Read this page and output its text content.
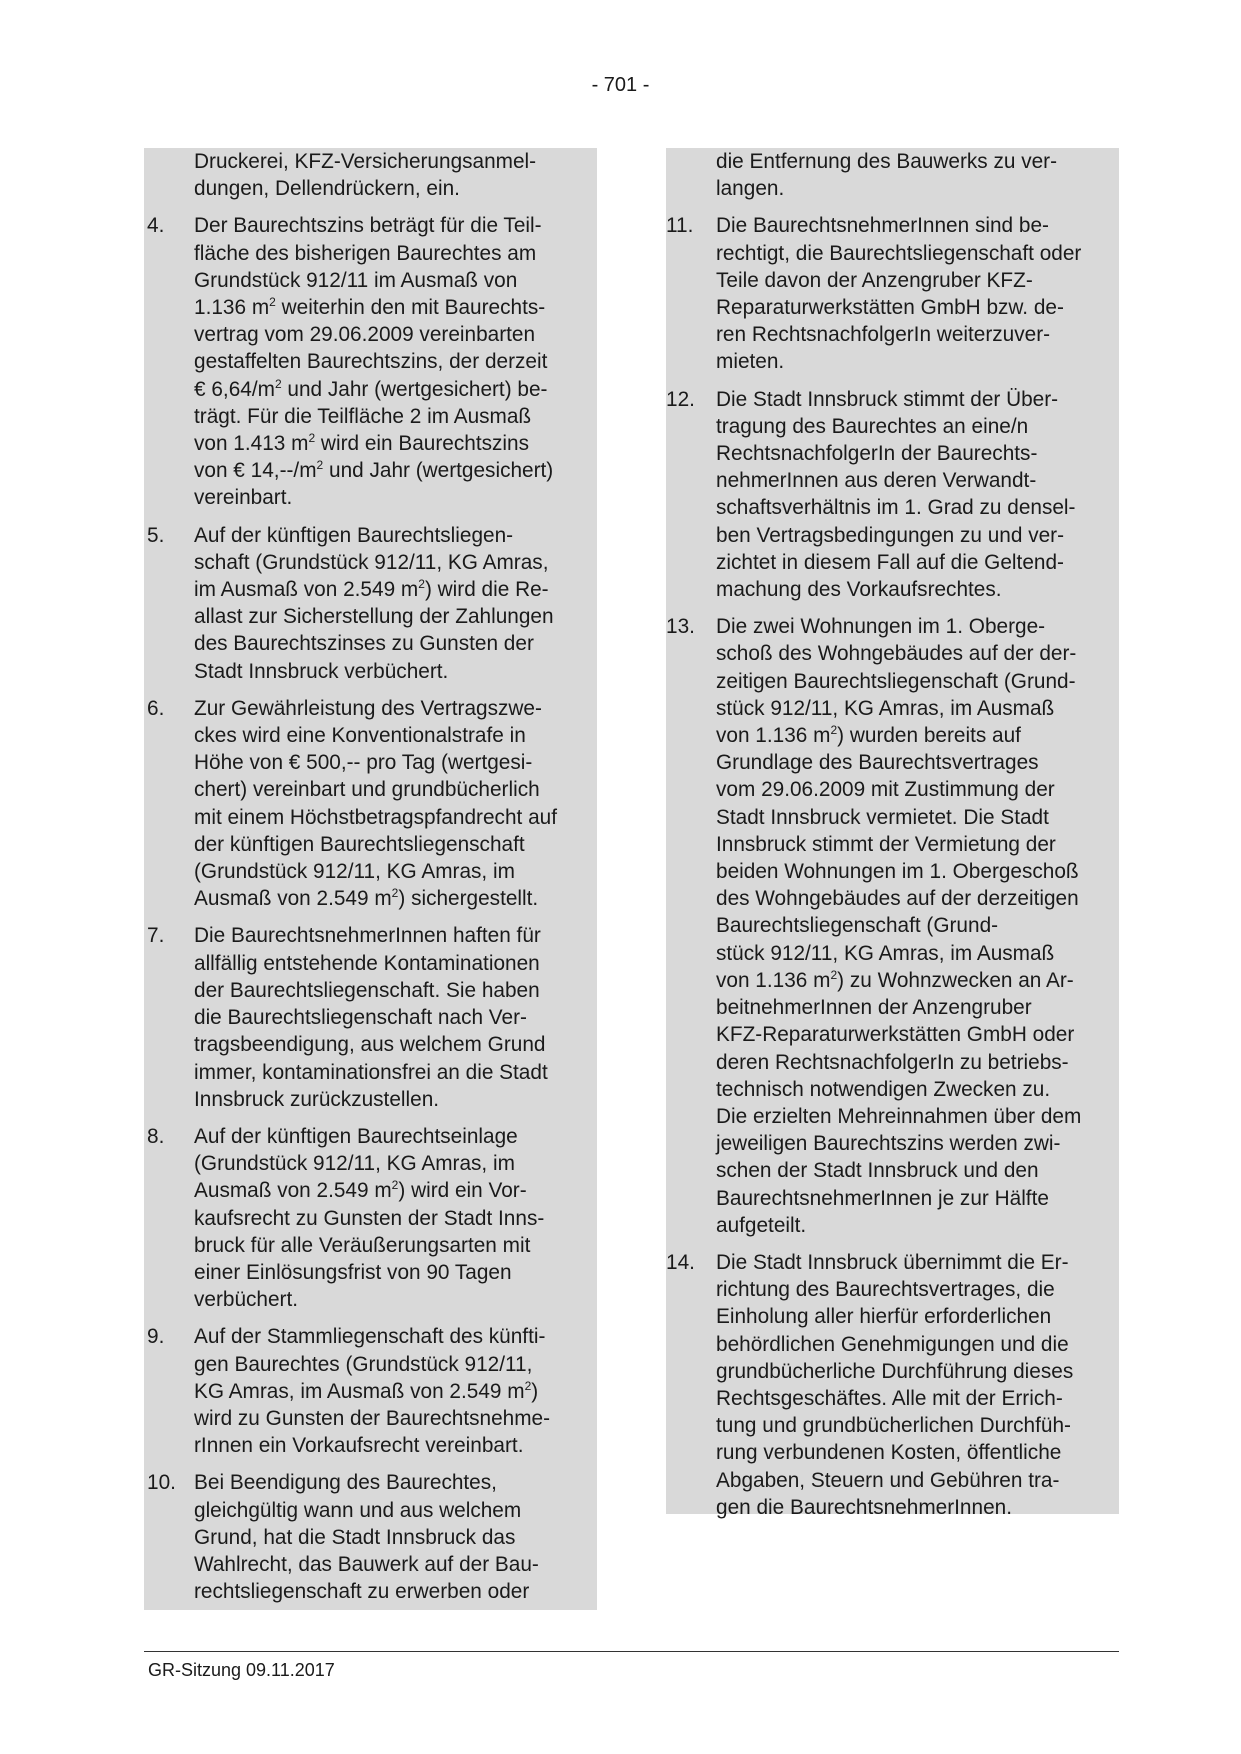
- 701 -
Druckerei, KFZ-Versicherungsanmel-
dungen, Dellendrückern, ein.
4. Der Baurechtszins beträgt für die Teil-
fläche des bisherigen Baurechtes am
Grundstück 912/11 im Ausmaß von
1.136 $m^2$ weiterhin den mit Baurechts-
vertrag vom 29.06.2009 vereinbarten
gestaffelten Baurechtszins, der derzeit
€ $6,64/m^2$ und Jahr (wertgesichert) be-
trägt. Für die Teilfläche 2 im Ausmaß
von 1.413 $m^2$ wird ein Baurechtszins
von € $14,--/m^2$ und Jahr (wertgesichert)
vereinbart.
5. Auf der künftigen Baurechtsliegen-
schaft (Grundstück 912/11, KG Amras,
im Ausmaß von 2.549 $m^2$) wird die Re-
allast zur Sicherstellung der Zahlungen
des Baurechtszinses zu Gunsten der
Stadt Innsbruck verbüchert.
6. Zur Gewährleistung des Vertragszwe-
ckes wird eine Konventionalstrafe in
Höhe von € 500,-- pro Tag (wertgesi-
chert) vereinbart und grundbücherlich
mit einem Höchstbetragspfandrecht auf
der künftigen Baurechtsliegenschaft
(Grundstück 912/11, KG Amras, im
Ausmaß von 2.549 $m^2$) sichergestellt.
7. Die BaurechtsnehmerInnen haften für
allfällig entstehende Kontaminationen
der Baurechtsliegenschaft. Sie haben
die Baurechtsliegenschaft nach Ver-
tragsbeendigung, aus welchem Grund
immer, kontaminationsfrei an die Stadt
Innsbruck zurückzustellen.
8. Auf der künftigen Baurechtseinlage
(Grundstück 912/11, KG Amras, im
Ausmaß von 2.549 $m^2$) wird ein Vor-
kaufsrecht zu Gunsten der Stadt Inns-
bruck für alle Veräußerungsarten mit
einer Einlösungsfrist von 90 Tagen
verbüchert.
9. Auf der Stammliegenschaft des künfti-
gen Baurechtes (Grundstück 912/11,
KG Amras, im Ausmaß von 2.549 $m^2$)
wird zu Gunsten der Baurechtsnehme-
rInnen ein Vorkaufsrecht vereinbart.
10. Bei Beendigung des Baurechtes,
gleichgültig wann und aus welchem
Grund, hat die Stadt Innsbruck das
Wahlrecht, das Bauwerk auf der Bau-
rechtsliegenschaft zu erwerben oder
die Entfernung des Bauwerks zu ver-
langen.
11. Die BaurechtsnehmerInnen sind be-
rechtigt, die Baurechtsliegenschaft oder
Teile davon der Anzengruber KFZ-
Reparaturwerkstätten GmbH bzw. de-
ren RechtsnachfolgerIn weiterzuver-
mieten.
12. Die Stadt Innsbruck stimmt der Über-
tragung des Baurechtes an eine/n
RechtsnachfolgerIn der Baurechts-
nehmerInnen aus deren Verwandt-
schaftsverhältnis im 1. Grad zu densel-
ben Vertragsbedingungen zu und ver-
zichtet in diesem Fall auf die Geltend-
machung des Vorkaufsrechtes.
13. Die zwei Wohnungen im 1. Oberge-
schoß des Wohngebäudes auf der der-
zeitigen Baurechtsliegenschaft (Grund-
stück 912/11, KG Amras, im Ausmaß
von 1.136 $m^2$) wurden bereits auf
Grundlage des Baurechtsvertrages
vom 29.06.2009 mit Zustimmung der
Stadt Innsbruck vermietet. Die Stadt
Innsbruck stimmt der Vermietung der
beiden Wohnungen im 1. Obergeschoß
des Wohngebäudes auf der derzeitigen
Baurechtsliegenschaft (Grund-
stück 912/11, KG Amras, im Ausmaß
von 1.136 $m^2$) zu Wohnzwecken an Ar-
beitnehmerInnen der Anzengruber
KFZ-Reparaturwerkstätten GmbH oder
deren RechtsnachfolgerIn zu betriebs-
technisch notwendigen Zwecken zu.
Die erzielten Mehreinnahmen über dem
jeweiligen Baurechtszins werden zwi-
schen der Stadt Innsbruck und den
BaurechtsnehmerInnen je zur Hälfte
aufgeteilt.
14. Die Stadt Innsbruck übernimmt die Er-
richtung des Baurechtsvertrages, die
Einholung aller hierfür erforderlichen
behördlichen Genehmigungen und die
grundbücherliche Durchführung dieses
Rechtsgeschäftes. Alle mit der Errich-
tung und grundbücherlichen Durchfüh-
rung verbundenen Kosten, öffentliche
Abgaben, Steuern und Gebühren tra-
gen die BaurechtsnehmerInnen.
GR-Sitzung 09.11.2017
